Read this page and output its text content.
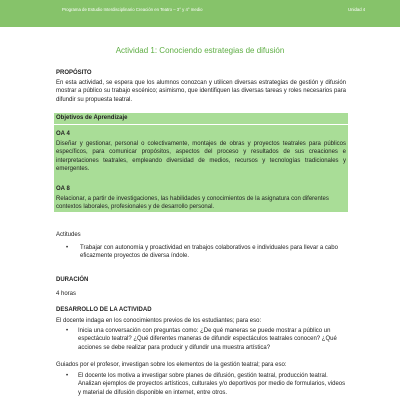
Programa de Estudio Interdisciplinario Creación en Teatro – 3° y 4° medio	Unidad 4
Actividad 1: Conociendo estrategias de difusión

PROPÓSITO

En esta actividad, se espera que los alumnos conozcan y utilicen diversas estrategias de gestión y difusión mostrar a público su trabajo escénico; asimismo, que identifiquen las diversas tareas y roles necesarios para difundir su propuesta teatral.

Objetivos de Aprendizaje

OA 4

Diseñar y gestionar, personal o colectivamente, montajes de obras y proyectos teatrales para públicos específicos, para comunicar propósitos, aspectos del proceso y resultados de sus creaciones e interpretaciones teatrales, empleando diversidad de medios, recursos y tecnologías tradicionales y emergentes.

OA 8

Relacionar, a partir de investigaciones, las habilidades y conocimientos de la asignatura con diferentes contextos laborales, profesionales y de desarrollo personal.

Actitudes

• Trabajar con autonomía y proactividad en trabajos colaborativos e individuales para llevar a cabo eficazmente proyectos de diversa índole.

DURACIÓN

4 horas

DESARROLLO DE LA ACTIVIDAD

El docente indaga en los conocimientos previos de los estudiantes; para eso:

• Inicia una conversación con preguntas como: ¿De qué maneras se puede mostrar a público un espectáculo teatral? ¿Qué diferentes maneras de difundir espectáculos teatrales conocen? ¿Qué acciones se debe realizar para producir y difundir una muestra artística?

Guiados por el profesor, investigan sobre los elementos de la gestión teatral; para eso:

• El docente los motiva a investigar sobre planes de difusión, gestión teatral, producción teatral. Analizan ejemplos de proyectos artísticos, culturales y/o deportivos por medio de formularios, videos y material de difusión disponible en internet, entre otros.
